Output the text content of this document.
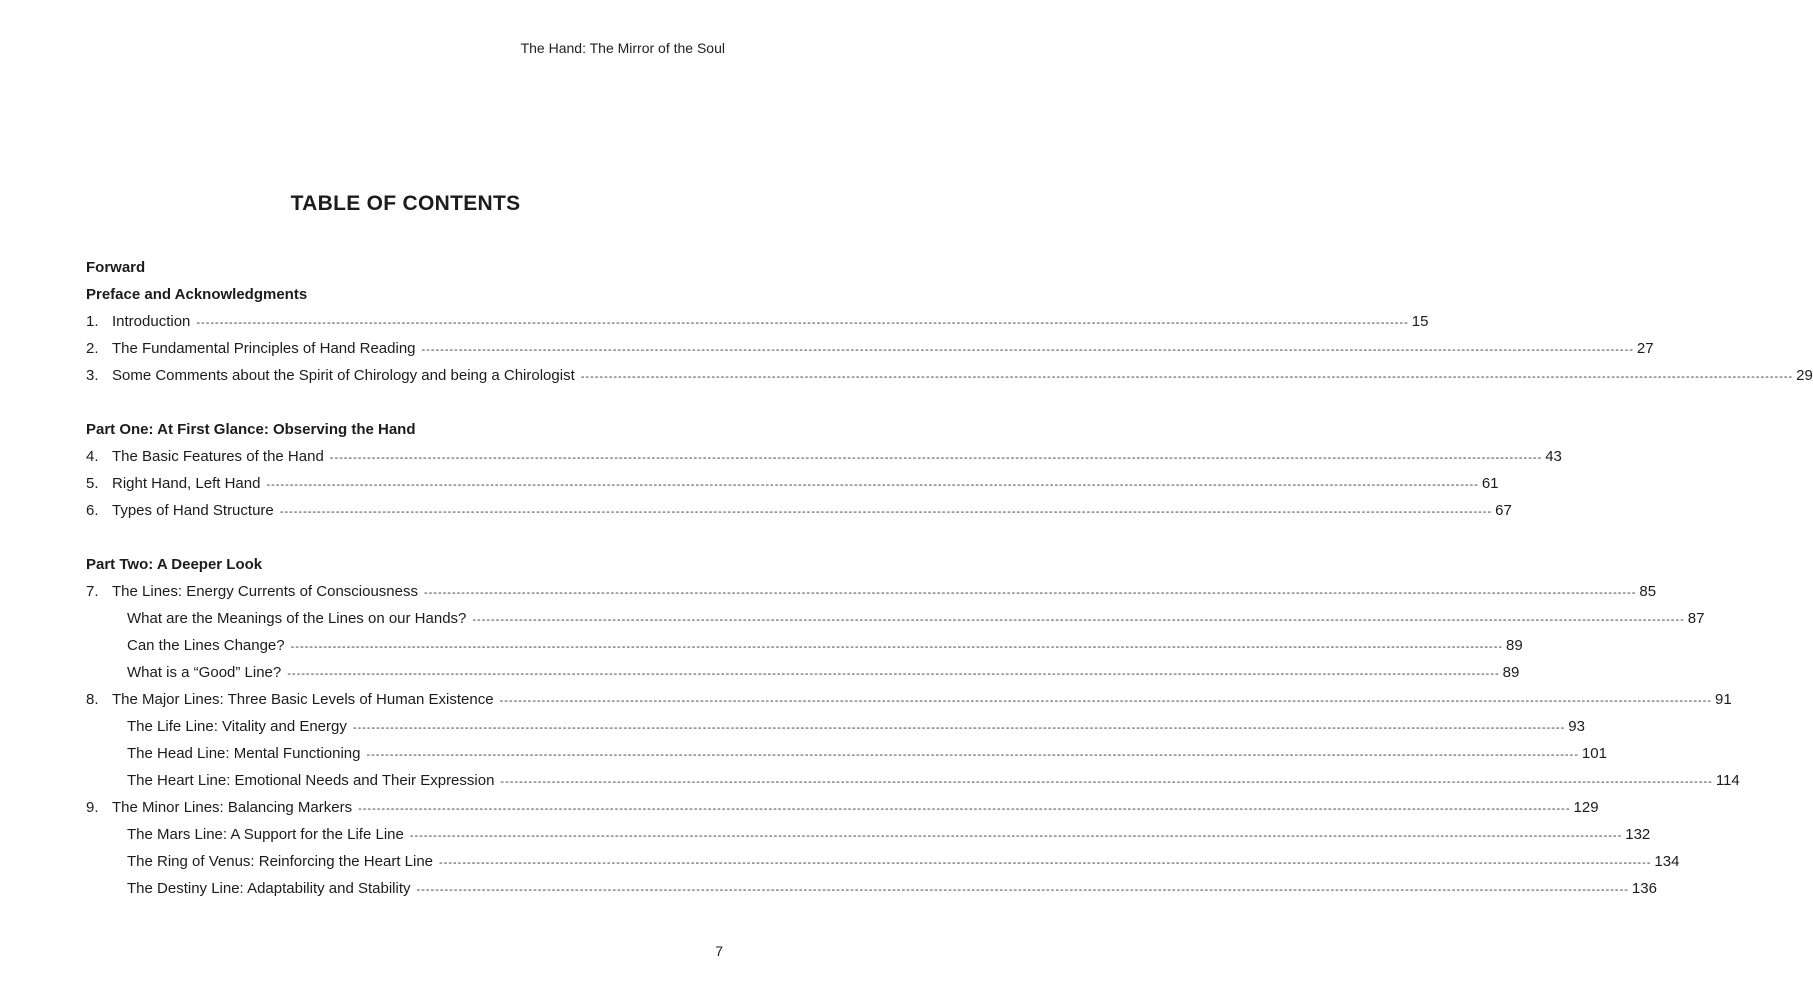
The Hand: The Mirror of the Soul
TABLE OF CONTENTS
Forward
Preface and Acknowledgments
1. Introduction -------------------------------------------------------------------------------------------------------------------------------------------------------------------------------------------------------------------------------------------------------------------- 15
2. The Fundamental Principles of Hand Reading -------------------------------------------------------------------------------------------------------------------------------------------------------------------------------------------------------------------------------------------------------------------- 27
3. Some Comments about the Spirit of Chirology and being a Chirologist -------------------------------------------------------------------------------------------------------------------------------------------------------------------------------------------------------------------------------------------------------------------- 29
Part One: At First Glance: Observing the Hand
4. The Basic Features of the Hand -------------------------------------------------------------------------------------------------------------------------------------------------------------------------------------------------------------------------------------------------------------------- 43
5. Right Hand, Left Hand -------------------------------------------------------------------------------------------------------------------------------------------------------------------------------------------------------------------------------------------------------------------- 61
6. Types of Hand Structure -------------------------------------------------------------------------------------------------------------------------------------------------------------------------------------------------------------------------------------------------------------------- 67
Part Two: A Deeper Look
7. The Lines: Energy Currents of Consciousness -------------------------------------------------------------------------------------------------------------------------------------------------------------------------------------------------------------------------------------------------------------------- 85
What are the Meanings of the Lines on our Hands? -------------------------------------------------------------------------------------------------------------------------------------------------------------------------------------------------------------------------------------------------------------------- 87
Can the Lines Change? -------------------------------------------------------------------------------------------------------------------------------------------------------------------------------------------------------------------------------------------------------------------- 89
What is a “Good” Line? -------------------------------------------------------------------------------------------------------------------------------------------------------------------------------------------------------------------------------------------------------------------- 89
8. The Major Lines: Three Basic Levels of Human Existence -------------------------------------------------------------------------------------------------------------------------------------------------------------------------------------------------------------------------------------------------------------------- 91
The Life Line: Vitality and Energy -------------------------------------------------------------------------------------------------------------------------------------------------------------------------------------------------------------------------------------------------------------------- 93
The Head Line: Mental Functioning -------------------------------------------------------------------------------------------------------------------------------------------------------------------------------------------------------------------------------------------------------------------- 101
The Heart Line: Emotional Needs and Their Expression -------------------------------------------------------------------------------------------------------------------------------------------------------------------------------------------------------------------------------------------------------------------- 114
9. The Minor Lines: Balancing Markers -------------------------------------------------------------------------------------------------------------------------------------------------------------------------------------------------------------------------------------------------------------------- 129
The Mars Line: A Support for the Life Line -------------------------------------------------------------------------------------------------------------------------------------------------------------------------------------------------------------------------------------------------------------------- 132
The Ring of Venus: Reinforcing the Heart Line -------------------------------------------------------------------------------------------------------------------------------------------------------------------------------------------------------------------------------------------------------------------- 134
The Destiny Line: Adaptability and Stability -------------------------------------------------------------------------------------------------------------------------------------------------------------------------------------------------------------------------------------------------------------------- 136
7
